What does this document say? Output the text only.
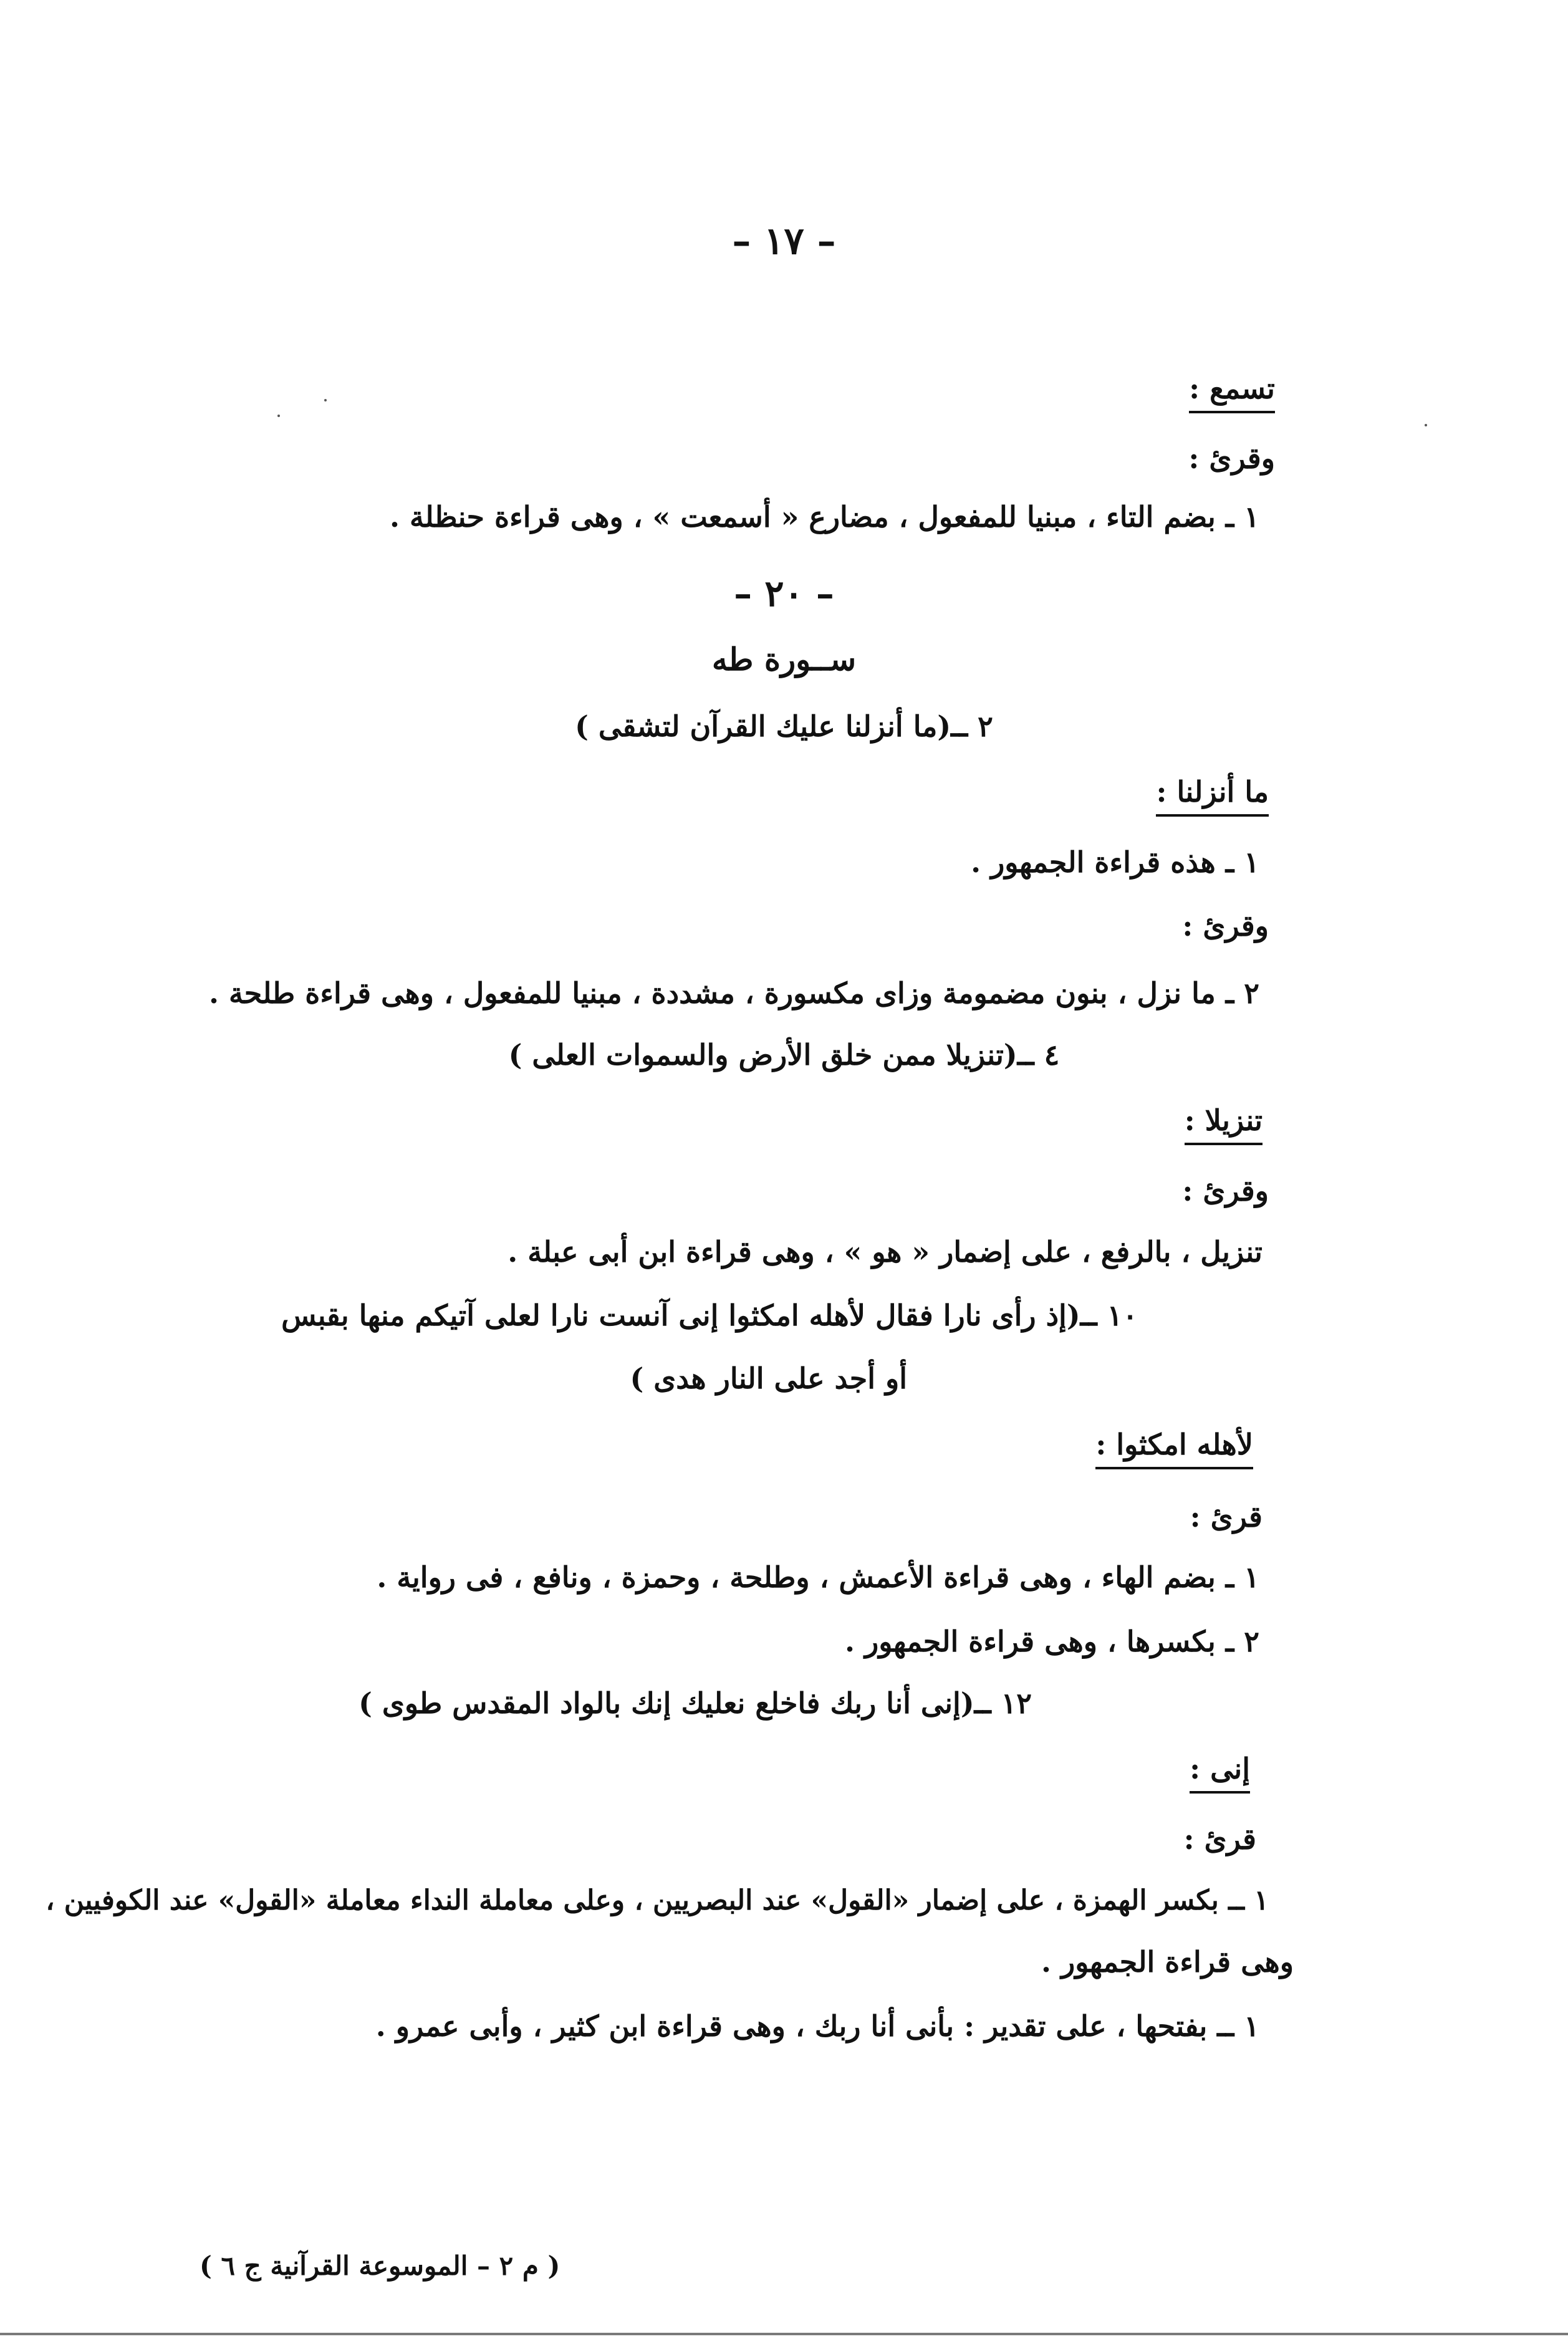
– ١٧ –
تسمع :
وقرئ :
١ ـ بضم التاء ، مبنيا للمفعول ، مضارع « أسمعت » ، وهى قراءة حنظلة .
– ٢٠ –
ســورة طه
٢ ــ(ما أنزلنا عليك القرآن لتشقى )
ما أنزلنا :
١ ـ هذه قراءة الجمهور .
وقرئ :
٢ ـ ما نزل ، بنون مضمومة وزاى مكسورة ، مشددة ، مبنيا للمفعول ، وهى قراءة طلحة .
٤ ــ(تنزيلا ممن خلق الأرض والسموات العلى )
تنزيلا :
وقرئ :
تنزيل ، بالرفع ، على إضمار « هو » ، وهى قراءة ابن أبى عبلة .
١٠ ــ(إذ رأى نارا فقال لأهله امكثوا إنى آنست نارا لعلى آتيكم منها بقبس
أو أجد على النار هدى )
لأهله امكثوا :
قرئ :
١ ـ بضم الهاء ، وهى قراءة الأعمش ، وطلحة ، وحمزة ، ونافع ، فى رواية .
٢ ـ بكسرها ، وهى قراءة الجمهور .
١٢ ــ(إنى أنا ربك فاخلع نعليك إنك بالواد المقدس طوى )
إنى :
قرئ :
١ ــ بكسر الهمزة ، على إضمار «القول» عند البصريين ، وعلى معاملة النداء معاملة «القول» عند الكوفيين ،
وهى قراءة الجمهور .
١ ــ بفتحها ، على تقدير : بأنى أنا ربك ، وهى قراءة ابن كثير ، وأبى عمرو .
( م ٢ – الموسوعة القرآنية ج ٦ )
